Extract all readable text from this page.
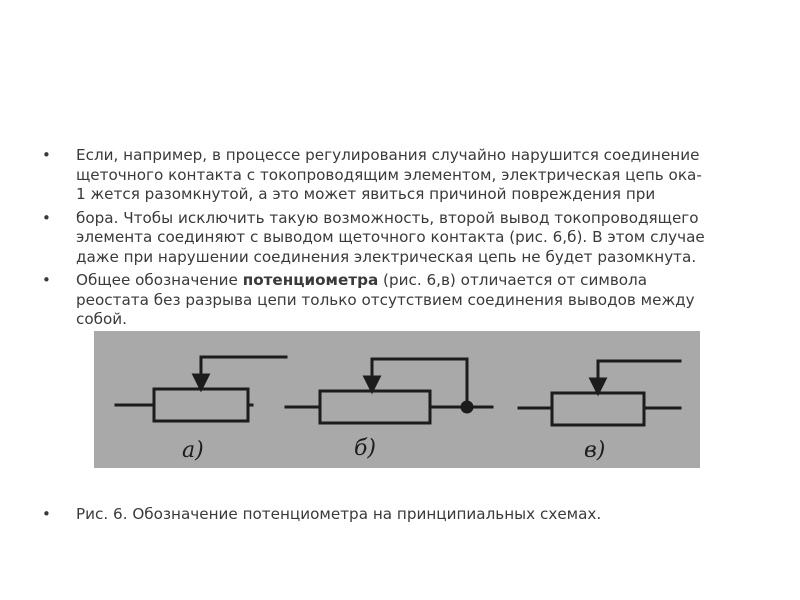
• Если, например, в процессе регулирования случайно нарушится соединение

щеточного контакта с токопроводящим элементом, электрическая цепь ока-

1 жется разомкнутой, а это может явиться причиной повреждения при

• бора. Чтобы исключить такую возможность, второй вывод токопроводящего

элемента соединяют с выводом щеточного контакта (рис. 6,б). В этом случае

даже при нарушении соединения электрическая цепь не будет разомкнута.

• Общее обозначение потенциометра (рис. 6,в) отличается от символа

реостата без разрыва цепи только отсутствием соединения выводов между

собой.

а)	б)	в)
• Рис. 6. Обозначение потенциометра на принципиальных схемах.
